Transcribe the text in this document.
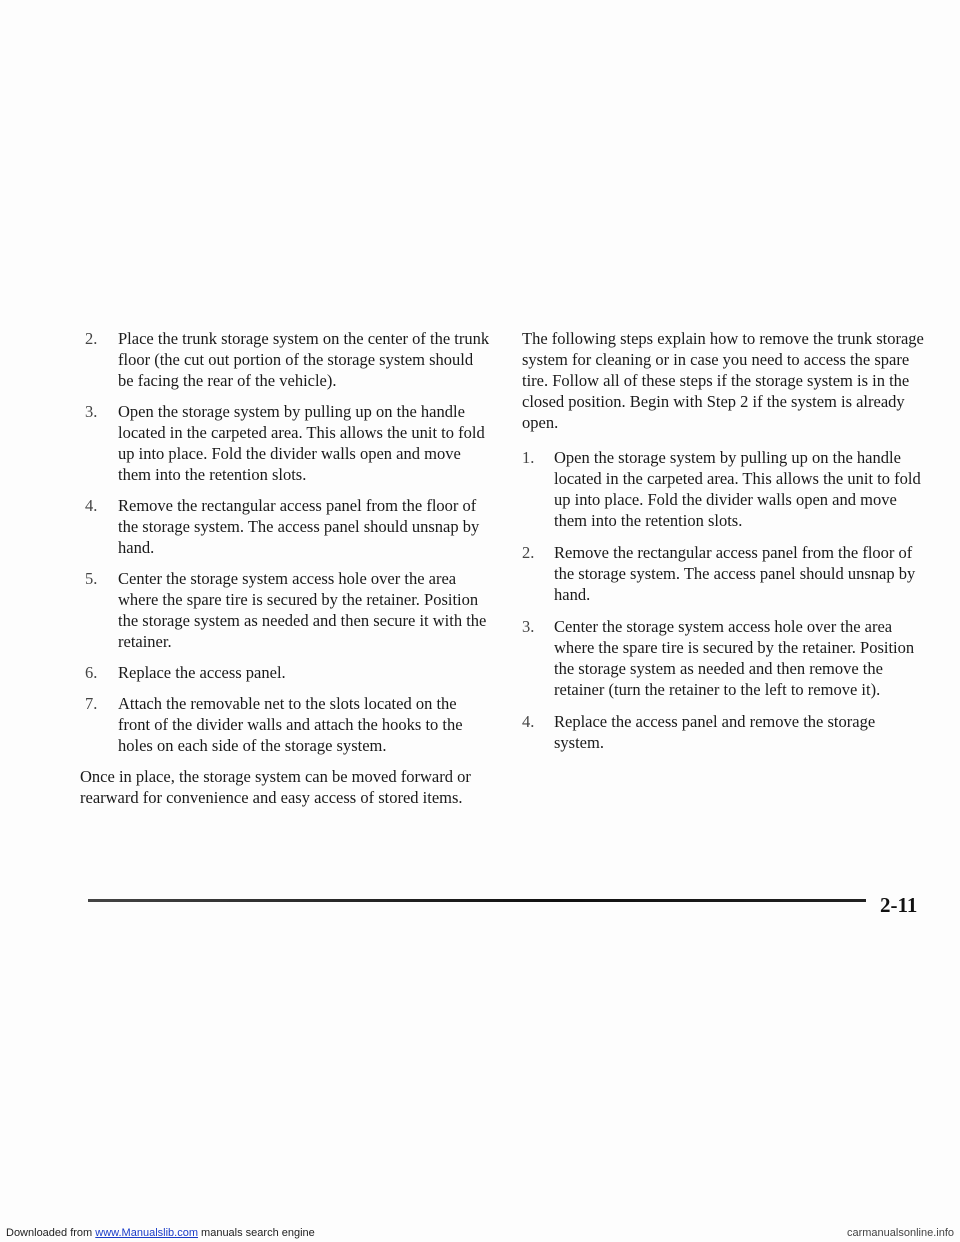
2.	Place the trunk storage system on the center of the trunk floor (the cut out portion of the storage system should be facing the rear of the vehicle).
3.	Open the storage system by pulling up on the handle located in the carpeted area. This allows the unit to fold up into place. Fold the divider walls open and move them into the retention slots.
4.	Remove the rectangular access panel from the floor of the storage system. The access panel should unsnap by hand.
5.	Center the storage system access hole over the area where the spare tire is secured by the retainer. Position the storage system as needed and then secure it with the retainer.
6.	Replace the access panel.
7.	Attach the removable net to the slots located on the front of the divider walls and attach the hooks to the holes on each side of the storage system.

Once in place, the storage system can be moved forward or rearward for convenience and easy access of stored items.

The following steps explain how to remove the trunk storage system for cleaning or in case you need to access the spare tire. Follow all of these steps if the storage system is in the closed position. Begin with Step 2 if the system is already open.

1.	Open the storage system by pulling up on the handle located in the carpeted area. This allows the unit to fold up into place. Fold the divider walls open and move them into the retention slots.
2.	Remove the rectangular access panel from the floor of the storage system. The access panel should unsnap by hand.
3.	Center the storage system access hole over the area where the spare tire is secured by the retainer. Position the storage system as needed and then remove the retainer (turn the retainer to the left to remove it).
4.	Replace the access panel and remove the storage system.
2-11
Downloaded from www.Manualslib.com manuals search engine	carmanualsonline.info
